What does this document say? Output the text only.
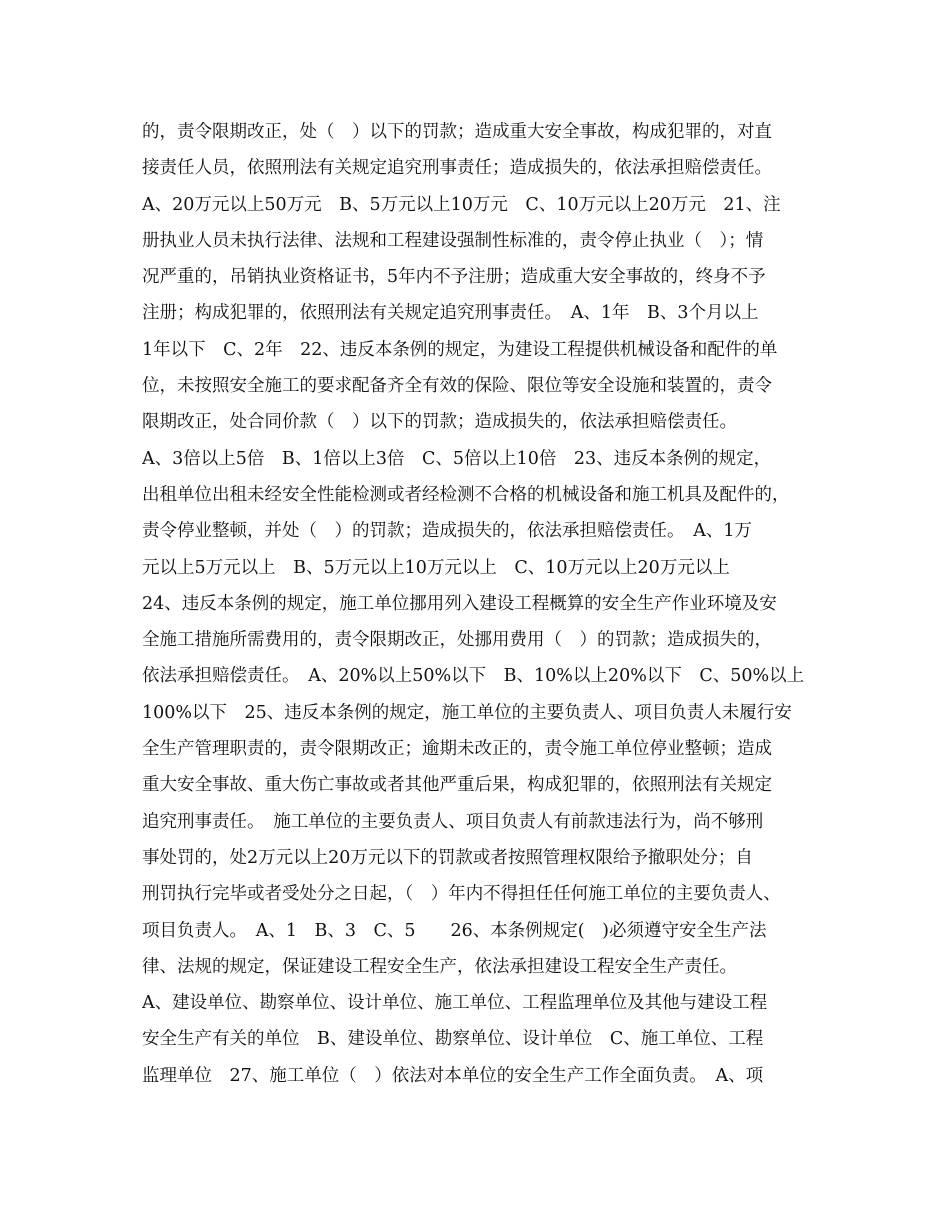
的，责令限期改正，处（　）以下的罚款；造成重大安全事故，构成犯罪的，对直
接责任人员，依照刑法有关规定追究刑事责任；造成损失的，依法承担赔偿责任。
A、20万元以上50万元　B、5万元以上10万元　C、10万元以上20万元　21、注
册执业人员未执行法律、法规和工程建设强制性标准的，责令停止执业（　）；情
况严重的，吊销执业资格证书，5年内不予注册；造成重大安全事故的，终身不予
注册；构成犯罪的，依照刑法有关规定追究刑事责任。　A、1年　B、3个月以上
1年以下　C、2年　22、违反本条例的规定，为建设工程提供机械设备和配件的单
位，未按照安全施工的要求配备齐全有效的保险、限位等安全设施和装置的，责令
限期改正，处合同价款（　）以下的罚款；造成损失的，依法承担赔偿责任。
A、3倍以上5倍　B、1倍以上3倍　C、5倍以上10倍　23、违反本条例的规定，
出租单位出租未经安全性能检测或者经检测不合格的机械设备和施工机具及配件的，
责令停业整顿，并处（　）的罚款；造成损失的，依法承担赔偿责任。　A、1万
元以上5万元以上　B、5万元以上10万元以上　C、10万元以上20万元以上
24、违反本条例的规定，施工单位挪用列入建设工程概算的安全生产作业环境及安
全施工措施所需费用的，责令限期改正，处挪用费用（　）的罚款；造成损失的，
依法承担赔偿责任。　A、20%以上50%以下　B、10%以上20%以下　C、50%以上
100%以下　25、违反本条例的规定，施工单位的主要负责人、项目负责人未履行安
全生产管理职责的，责令限期改正；逾期未改正的，责令施工单位停业整顿；造成
重大安全事故、重大伤亡事故或者其他严重后果，构成犯罪的，依照刑法有关规定
追究刑事责任。　施工单位的主要负责人、项目负责人有前款违法行为，尚不够刑
事处罚的，处2万元以上20万元以下的罚款或者按照管理权限给予撤职处分；自
刑罚执行完毕或者受处分之日起，（　）年内不得担任任何施工单位的主要负责人、
项目负责人。　A、1　B、3　C、5　　26、本条例规定(　)必须遵守安全生产法
律、法规的规定，保证建设工程安全生产，依法承担建设工程安全生产责任。
A、建设单位、勘察单位、设计单位、施工单位、工程监理单位及其他与建设工程
安全生产有关的单位　B、建设单位、勘察单位、设计单位　C、施工单位、工程
监理单位　27、施工单位（　）依法对本单位的安全生产工作全面负责。　A、项
